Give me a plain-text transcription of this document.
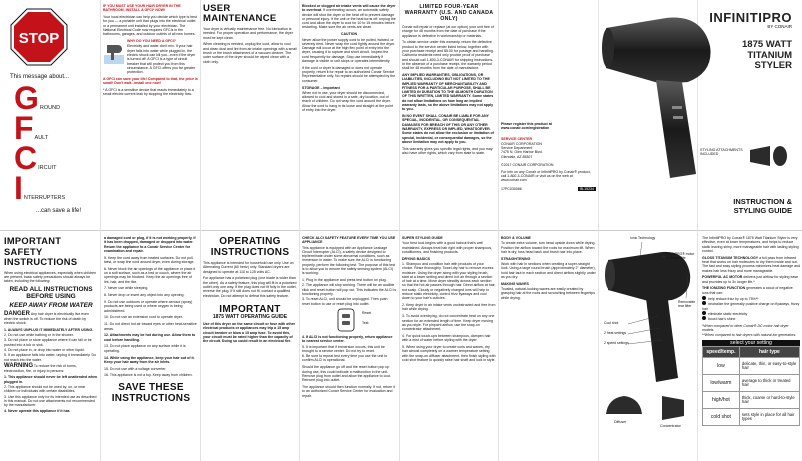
STOP
This message about...
G ROUND
F AULT
C IRCUIT
I NTERRUPTERS
...can save a life!

IF YOU MUST USE YOUR HAIR DRYER IN THE BATHROOM, INSTALL A GFCI* NOW!

Your local electrician can help you decide which type is best for you — a portable unit that plugs into the electrical outlet or a permanent unit installed by your electrician. The National Electrical Code now requires GFCIs in the bathrooms, garages, and outdoor outlets of all new homes.

WHY DO YOU NEED A GFCI?

Electricity and water don't mix. If your hair dryer falls into water while plugged in, the electric shock can kill you...even if the dryer is turned off. A GFCI is a type of circuit breaker that will protect you from this circumstance. A GFCI offers you far greater protection.

A GFCI can save your life! Compared to that, the price is small! Don't wait...install one now!

* A GFCI is a sensitive device that reacts immediately to a small electric current leak by stopping the electricity flow.

USER MAINTENANCE

Your dryer is virtually maintenance free. No lubrication is needed. For proper operation and performance, the dryer must be kept clean.

When cleaning is needed, unplug the cord, allow to cool and clean dust and lint from air intake openings with a small brush or the brush attachment of a vacuum cleaner. The outer surface of the dryer should be wiped clean with a cloth only.

Blocked or clogged air intake vents will cause the dryer to overheat. If overheating occurs, an automatic safety device will shut the dryer or the heat off to prevent damage or personal injury. If the unit or the heat turns off, unplug the cord and allow the dryer to cool for 10 to 15 minutes before restarting. Make sure the air vents are clean.

CAUTION

Never allow the power supply cord to be pulled, twisted, or severely bent. Never wrap the cord tightly around the dryer. Damage will occur at the high flex point of entry into the dryer, causing it to rupture and short circuit. Inspect the cord frequently for damage. Stop use immediately if damage is visible or unit stops or operates intermittently.

If the cord or dryer is damaged or does not operate properly, return it for repair to an authorized Conair Service Representative only. No repairs should be attempted by the consumer.

STORAGE – Important

When not in use, your dryer should be disconnected, allowed to cool and stored in a safe, dry location, out of reach of children. Do not wrap the cord around the dryer. Allow the cord to hang in its loose and straight at the point of entry into the dryer.

LIMITED FOUR-YEAR WARRANTY (U.S. AND CANADA ONLY)

Conair will repair or replace (at our option) your unit free of charge for 48 months from the date of purchase if the appliance is defective in workmanship or materials.

To obtain service under this warranty, return the defective product to the service center listed below, together with your purchase receipt and $5.00 for postage and handling. California residents need only provide proof of purchase and should call 1-800-3-CONAIR for shipping instructions. In the absence of a purchase receipt, the warranty period shall be 48 months from the date of manufacture.

ANY IMPLIED WARRANTIES, OBLIGATIONS, OR LIABILITIES, INCLUDING BUT NOT LIMITED TO THE IMPLIED WARRANTY OF MERCHANTABILITY AND FITNESS FOR A PARTICULAR PURPOSE, SHALL BE LIMITED IN DURATION TO THE 48-MONTH DURATION OF THIS WRITTEN, LIMITED WARRANTY. Some states do not allow limitations on how long an implied warranty lasts, so the above limitations may not apply to you.

IN NO EVENT SHALL CONAIR BE LIABLE FOR ANY SPECIAL, INCIDENTAL, OR CONSEQUENTIAL DAMAGES FOR BREACH OF THIS OR ANY OTHER WARRANTY, EXPRESS OR IMPLIED, WHATSOEVER. Some states do not allow the exclusion or limitation of special, incidental, or consequential damages, so the above limitation may not apply to you.

This warranty gives you specific legal rights, and you may also have other rights, which vary from state to state.

Please register this product at

www.conair.com/registration

SERVICE CENTER

CONAIR CORPORATION
Service Department
7475 N. Glen Harbor Blvd.
Glendale, AZ 85307

©2017 CONAIR CORPORATION

For info on any Conair or InfinitiPRO by Conair® product, call 1-800-3-CONAIR or visit us on the web at www.conair.com

17PC030086	IB-15234
INFINITIPRO
BY CONAIR
1875 WATT TITANIUM STYLER
STYLING ATTACHMENTS INCLUDED
INSTRUCTION & STYLING GUIDE
IMPORTANT SAFETY INSTRUCTIONS

When using electrical appliances, especially when children are present, basic safety precautions should always be taken, including the following:

READ ALL INSTRUCTIONS BEFORE USING
KEEP AWAY FROM WATER

DANGER Any hair dryer is electrically live even when the switch is off. To reduce the risk of death by electric shock:

1. ALWAYS UNPLUG IT IMMEDIATELY AFTER USING.

2. Do not use while bathing or in the shower.

3. Do not place or store appliance where it can fall or be pushed into a tub or sink.

4. Do not place in, or drop into water or other liquid.

5. If an appliance falls into water, unplug it immediately. Do not reach into the water.

WARNING To reduce the risk of burns, electrocution, fire, or injury to persons:

1. This appliance should never be left unattended when plugged in.

2. This appliance should not be used by, on, or near children or individuals with certain disabilities.

3. Use this appliance only for its intended use as described in this manual. Do not use attachments not recommended by the manufacturer.

4. Never operate this appliance if it has

a damaged cord or plug, if it is not working properly, if it has been dropped, damaged or dropped into water. Return the appliance to a Conair Service Center for examination and repair.

5. Keep the cord away from heated surfaces. Do not pull, twist, or wrap line cord around dryer, even during storage.

6. Never block the air openings of the appliance or place it on a soft surface, such as a bed or couch, where the air openings may be blocked. Keep the air openings free of lint, hair, and the like.

7. Never use while sleeping.

8. Never drop or insert any object into any opening.

9. Do not use outdoors or operate where aerosol (spray) products are being used or where oxygen is being administered.

10. Do not use an extension cord to operate dryer.

11. Do not direct hot air toward eyes or other heat-sensitive areas.

12. Attachments may be hot during use. Allow them to cool before handling.

13. Do not place appliance on any surface while it is operating.

14. While using the appliance, keep your hair out of it. Keep your hair away from the air inlets.

15. Do not use with a voltage converter.

16. This appliance is not a toy. Keep away from children.

SAVE THESE INSTRUCTIONS
OPERATING INSTRUCTIONS

This appliance is intended for household use only. Use on Alternating Current (60 hertz) only. Standard dryers are designed to operate at 110 to 125 volts AC.

For appliance has a polarized plug (one blade is wider than the other). As a safety feature, this plug will fit in a polarized outlet only one way. If the plug does not fit fully in the outlet, reverse the plug. If it still does not fit, contact a qualified electrician. Do not attempt to defeat this safety feature.

IMPORTANT
1875 WATT OPERATING GUIDE

Use of this dryer on the same circuit or fuse with other electrical products or appliances may trip a 15 amp circuit breaker or blow a 15 amp fuse. To avoid this, your circuit must be rated higher than the capacity of the circuit. Doing so could result in an electrical fire.

CHECK ALCI SAFETY FEATURE EVERY TIME YOU USE APPLIANCE

This appliance is equipped with an Appliance Leakage Circuit Interrupter (ALCI), a safety device designed to trip/terminate under some abnormal conditions, such as immersion in water. To make sure the ALCI is functioning properly, perform the following test. The purpose of this test is to allow you to ensure the safety sensing system (ALCI) is working:

1. Plug in the appliance and press test button on plug.

2. The appliance will stop working. There will be an audible click and reset button will pop out. This indicates the ALCI is functioning properly.

3. To reset ALCI, unit should be unplugged. Then push reset button to use or reset plug into outlet.

Reset
Test

4. If ALCI is not functioning properly, return appliance to nearest service center.

5. It is important that if immersion occurs, this unit be brought to a service center. Do not try to reset.

6. Be sure to repeat test every time you use the unit to confirm ALCI is operational.

Should the appliance go off and the reset button pop up during use, this could indicate a malfunction in the unit. Remove plug from outlet and allow the appliance to cool. Reinsert plug into outlet.

The appliance should then function normally. If not, return it to an authorized Conair Service Center for evaluation and repair.

SUPER STYLING GUIDE

Your best look begins with a good haircut that's well maintained. Always treat hair right with proper shampoos, conditioners, and finishing products.

DRYING BASICS

1. Shampoo and condition hair with products of your choice. Rinse thoroughly. Towel-dry hair to remove excess moisture. Using the dryer along with your styling brush, start at a lower setting and direct hot air through a section of hair at a time. Move dryer steadily across each section so that the hot air passes through hair. Direct airflow at hair, not scalp. Cloudy or negatively charged ions will help to reduce static electricity, control frizz flyaways and cool down to your hair's cuticles.

2. Keep dryer in air intake vents unobstructed and free from hair while drying.

3. To avoid overdrying, do not concentrate heat on any one section for an extended length of time. Keep dryer moving as you style. For pinpoint airflow, use the snap-on concentrator attachment.

4. For quick touch-ups between shampoos, dampen hair with a mist of water before styling with the dryer.

5. When using your dryer to create curls and waves, dry hair almost completely on a warmer temperature setting with the snap-on diffuser attachment, then finish styling with cold shot feature to quickly raise hair shaft and lock in style.

BODY & VOLUME

To create extra volume, turn head upside down while drying. Position the airflow toward the roots for maximum lift. When hair is dry, toss head back and brush hair into place.

STRAIGHTENING

Work with hair in sections when creating a super-straight look. Using a large round brush (approximately 2" diameter), hold hair taut in each section and direct airflow slightly under as you dry.

MAKING WAVES

Tousled, natural-looking waves are easily created by grasping hair at the roots and scrunching between fingertips while drying.

Ionic Technology
InfinitiPRO® motor for longer life
Removable rear filter
Cool shot
2 heat settings
2 speed settings
Diffuser
Concentrator

The InfinitiPRO by Conair® 1875 Watt Titanium Styler is very effective, even at lower temperatures, and helps to reduce static leaving shiny, more manageable hair with lasting styling control.

GLOSS TITANIUM TECHNOLOGY a full pass from infrared heat that works on hair molecules to dry them inside and out. The fast and easy styling process minimizes heat damage and makes hair less frizzy and more manageable.

POWERFUL AC MOTOR delivers just airflow for styling ease and provides up to 3x longer life.*

THE IONIZING FUNCTION generates a cloud of negative ions that can:

help reduce frizz by up to 75%**
neutralize the generally positive charge on flyaways, frizzy hair
eliminate static electricity
boost hair's shine

*When compared to other Conair® DC motor hair dryer models.

**When compared to hair dryers with natural ion generators.

select your setting
speed/temp.	hair type
low	delicate, thin, or easy-to-style hair
low/warm	average to thick or treated hair
high/hot	thick, coarse or hard-to-style hair
cold shot	sets style in place for all hair types
